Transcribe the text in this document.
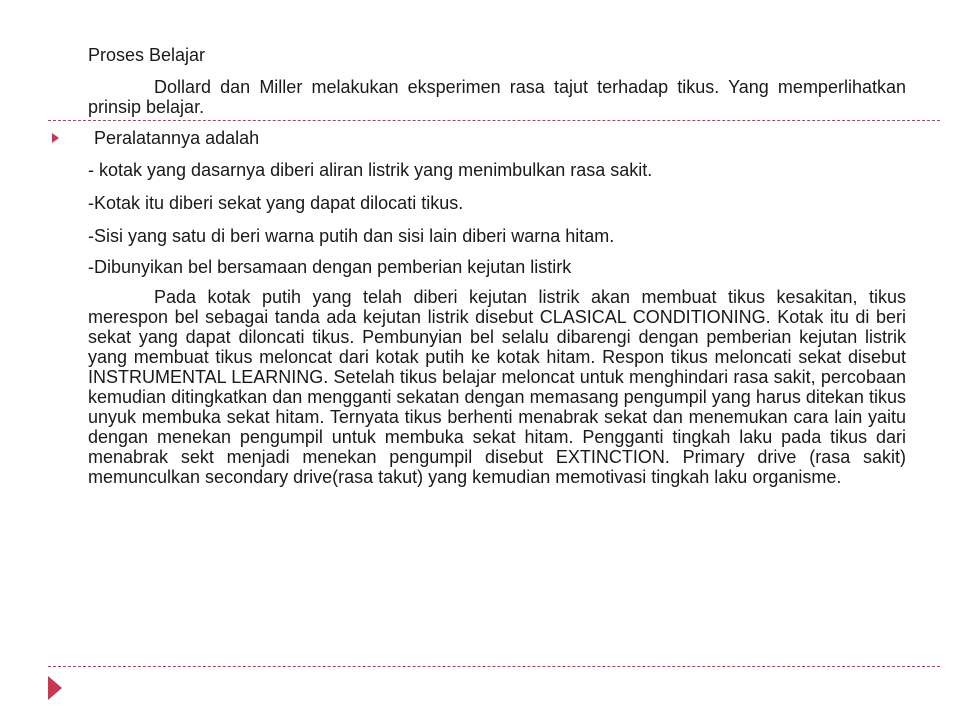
Proses Belajar

Dollard dan Miller melakukan eksperimen rasa tajut terhadap tikus. Yang memperlihatkan prinsip belajar.

Peralatannya adalah
- kotak yang dasarnya diberi aliran listrik yang menimbulkan rasa sakit.
-Kotak itu diberi sekat yang dapat dilocati tikus.
-Sisi yang satu di beri warna putih dan sisi lain diberi warna hitam.
-Dibunyikan bel bersamaan dengan pemberian kejutan listirk

Pada kotak putih yang telah diberi kejutan listrik akan membuat tikus kesakitan, tikus merespon bel sebagai tanda ada kejutan listrik disebut CLASICAL CONDITIONING. Kotak itu di beri sekat yang dapat diloncati tikus. Pembunyian bel selalu dibarengi dengan pemberian kejutan listrik yang membuat tikus meloncat dari kotak putih ke kotak hitam. Respon tikus meloncati sekat disebut INSTRUMENTAL LEARNING. Setelah tikus belajar meloncat untuk menghindari rasa sakit, percobaan kemudian ditingkatkan dan mengganti sekatan dengan memasang pengumpil yang harus ditekan tikus unyuk membuka sekat hitam. Ternyata tikus berhenti menabrak sekat dan menemukan cara lain yaitu dengan menekan pengumpil untuk membuka sekat hitam. Pengganti tingkah laku pada tikus dari menabrak sekt menjadi menekan pengumpil disebut EXTINCTION. Primary drive (rasa sakit) memunculkan secondary drive(rasa takut) yang kemudian memotivasi tingkah laku organisme.
